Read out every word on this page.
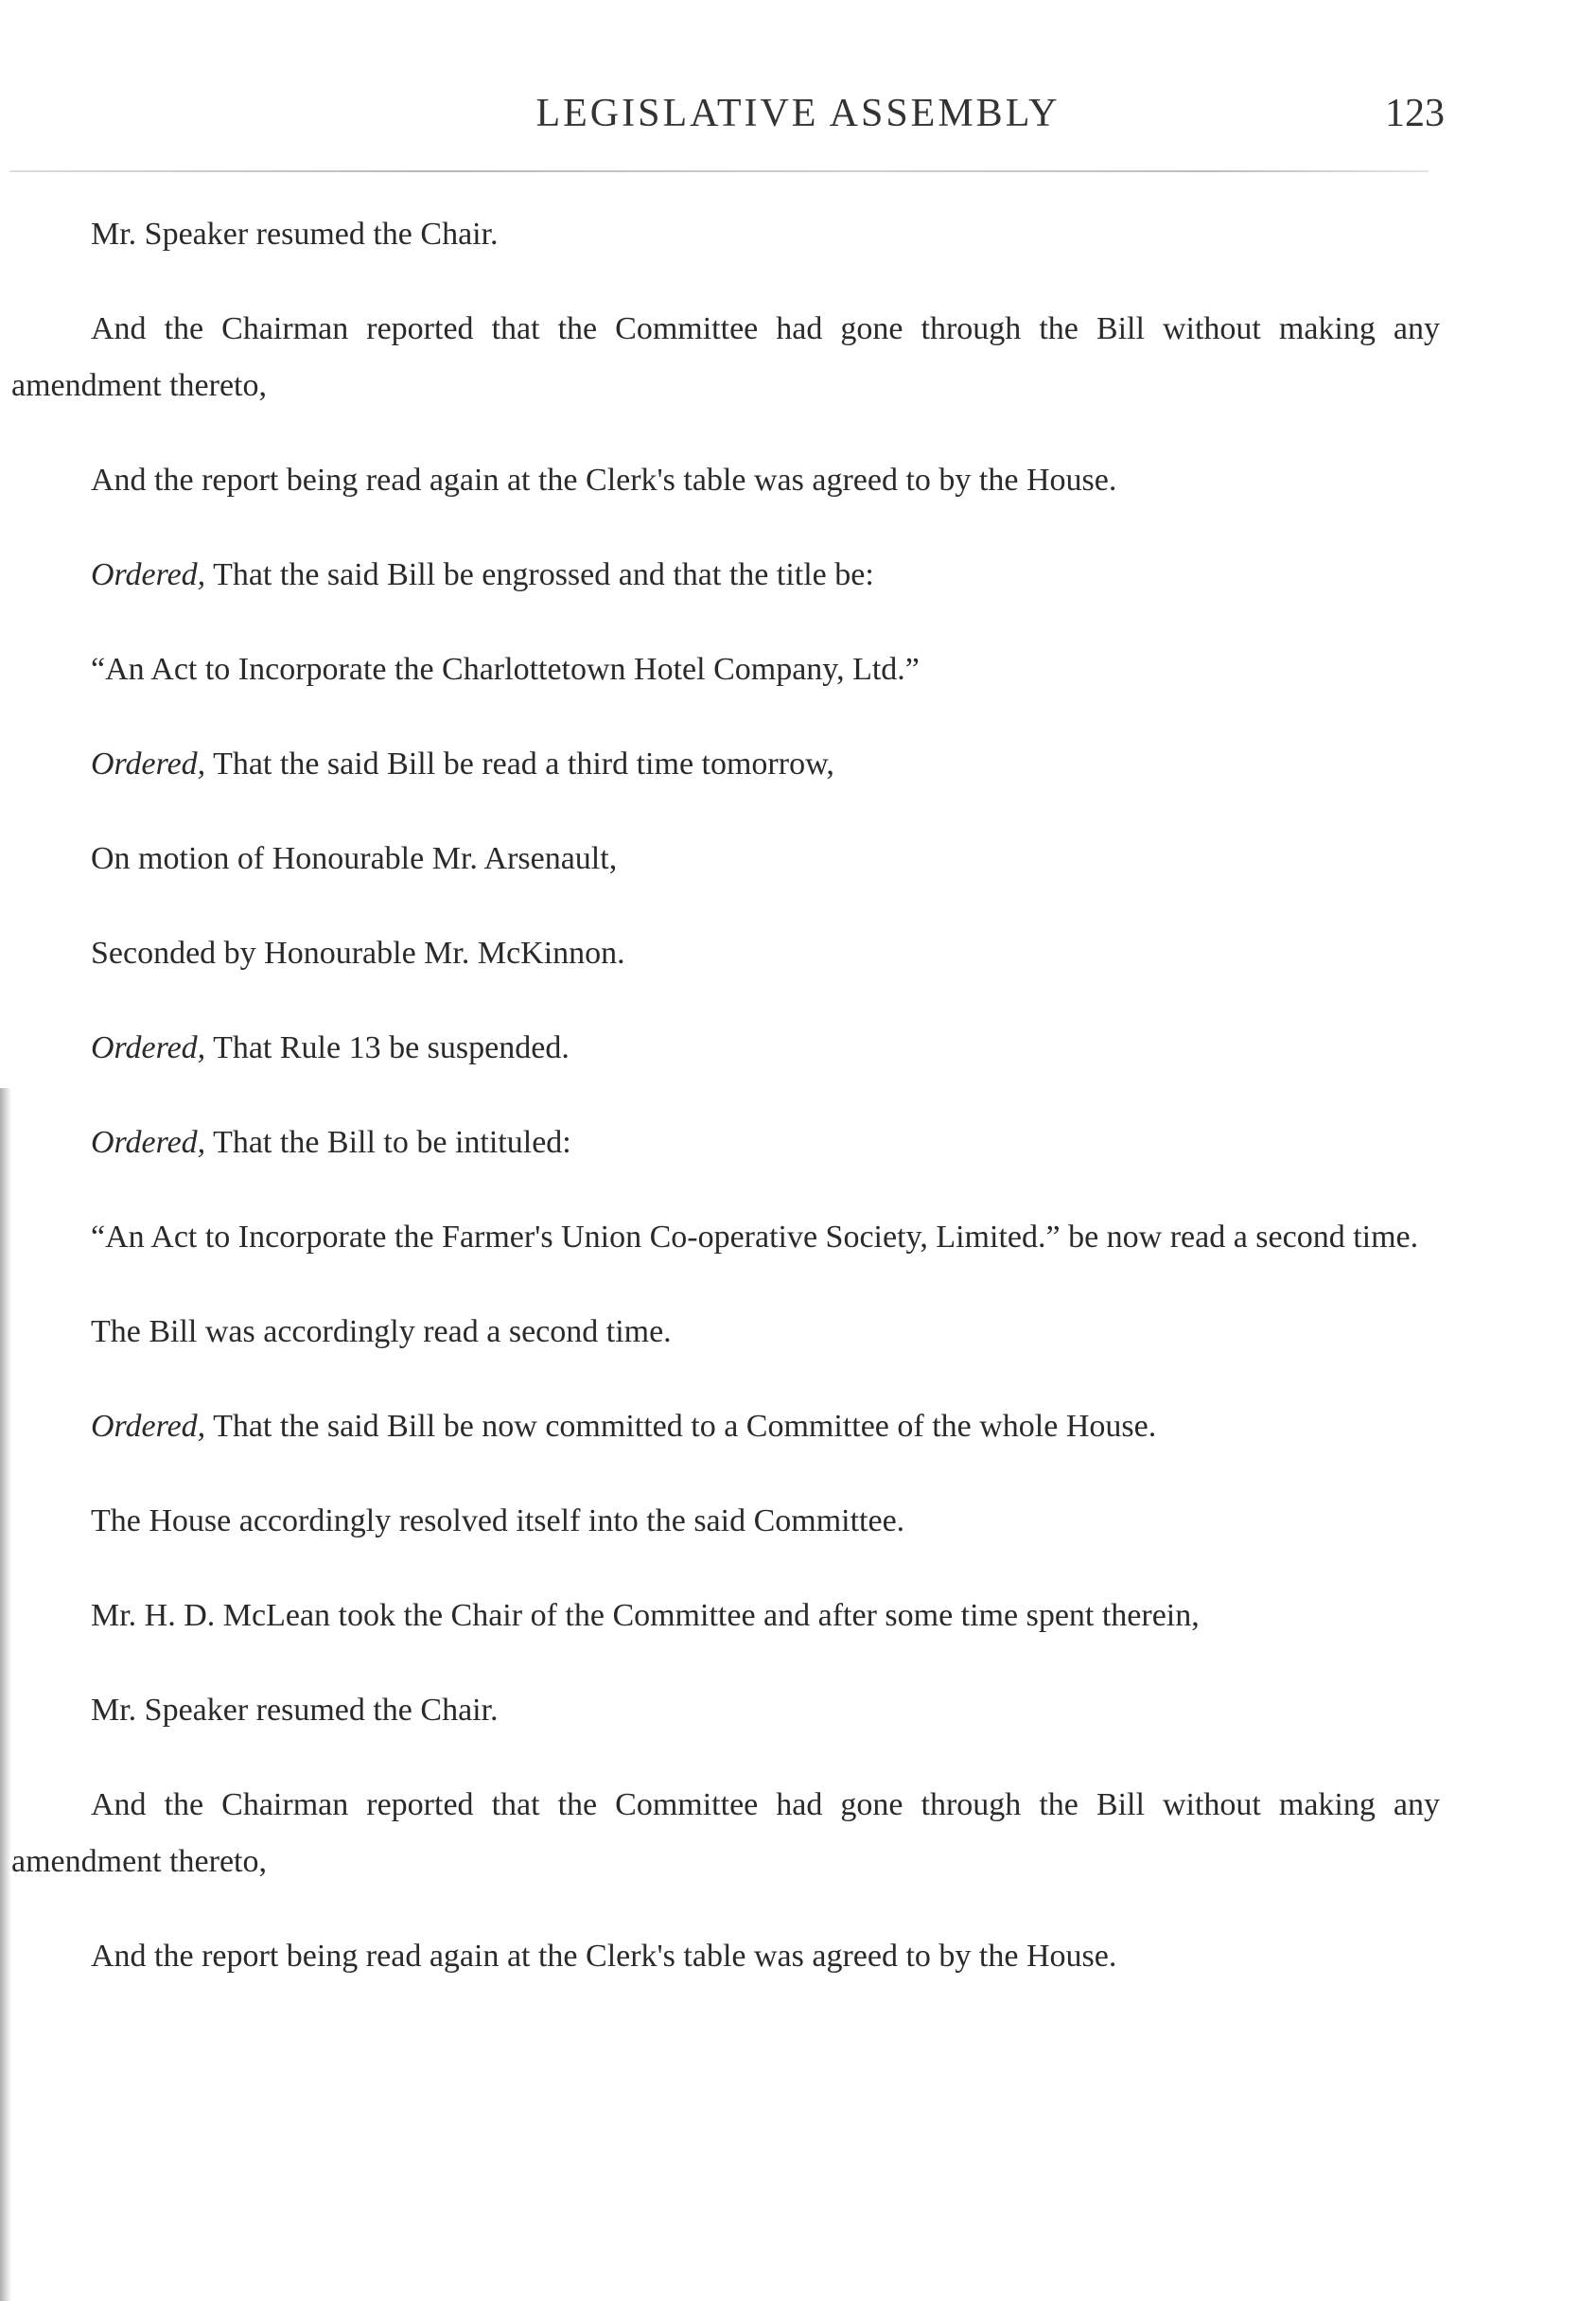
LEGISLATIVE ASSEMBLY	123

Mr. Speaker resumed the Chair.

And the Chairman reported that the Committee had gone through the Bill without making any amendment thereto,

And the report being read again at the Clerk's table was agreed to by the House.

Ordered, That the said Bill be engrossed and that the title be:

“An Act to Incorporate the Charlottetown Hotel Company, Ltd.”

Ordered, That the said Bill be read a third time tomorrow,

On motion of Honourable Mr. Arsenault,

Seconded by Honourable Mr. McKinnon.

Ordered, That Rule 13 be suspended.

Ordered, That the Bill to be intituled:

“An Act to Incorporate the Farmer's Union Co-operative Society, Limited.” be now read a second time.

The Bill was accordingly read a second time.

Ordered, That the said Bill be now committed to a Committee of the whole House.

The House accordingly resolved itself into the said Committee.

Mr. H. D. McLean took the Chair of the Committee and after some time spent therein,

Mr. Speaker resumed the Chair.

And the Chairman reported that the Committee had gone through the Bill without making any amendment thereto,

And the report being read again at the Clerk's table was agreed to by the House.
